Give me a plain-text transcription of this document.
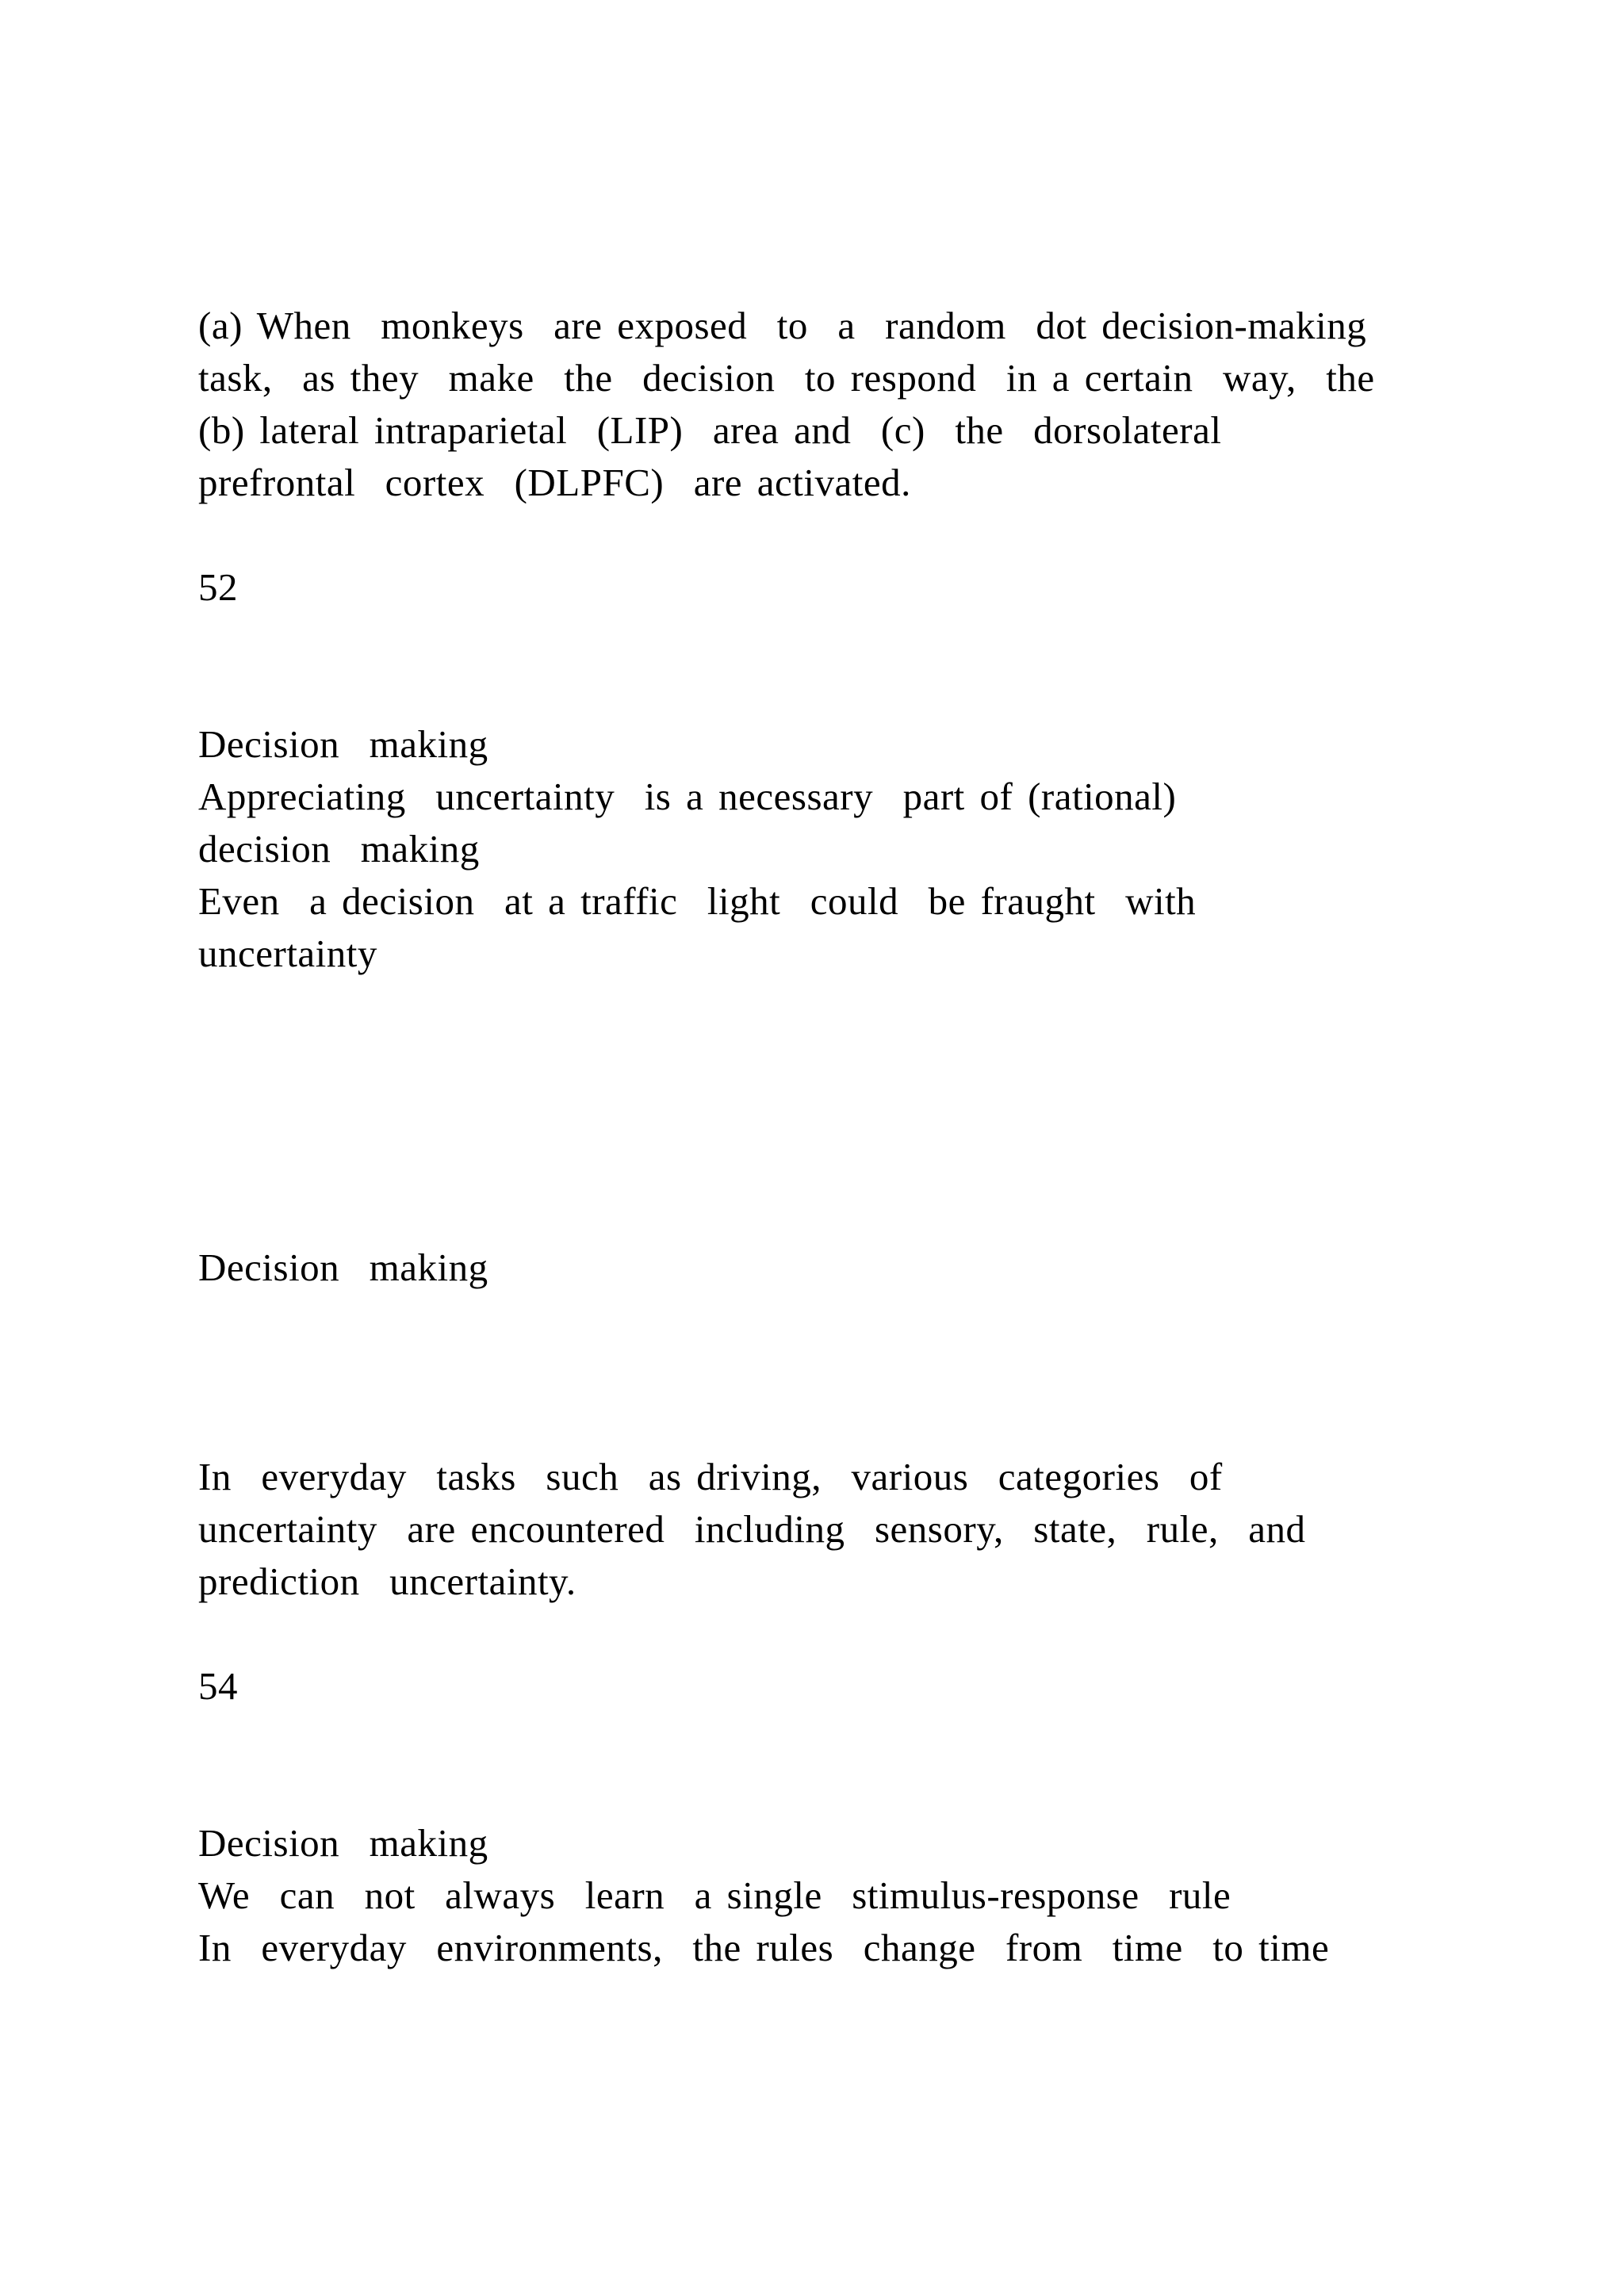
(a) When  monkeys  are exposed  to  a  random  dot decision-making
task,  as they  make  the  decision  to respond  in a certain  way,  the
(b) lateral intraparietal  (LIP)  area and  (c)  the  dorsolateral
prefrontal  cortex  (DLPFC)  are activated.
52
Decision  making
Appreciating  uncertainty  is a necessary  part of (rational)
decision  making
Even  a decision  at a traffic  light  could  be fraught  with
uncertainty
Decision  making
In  everyday  tasks  such  as driving,  various  categories  of
uncertainty  are encountered  including  sensory,  state,  rule,  and
prediction  uncertainty.
54
Decision  making
We  can  not  always  learn  a single  stimulus-response  rule
In  everyday  environments,  the rules  change  from  time  to time
